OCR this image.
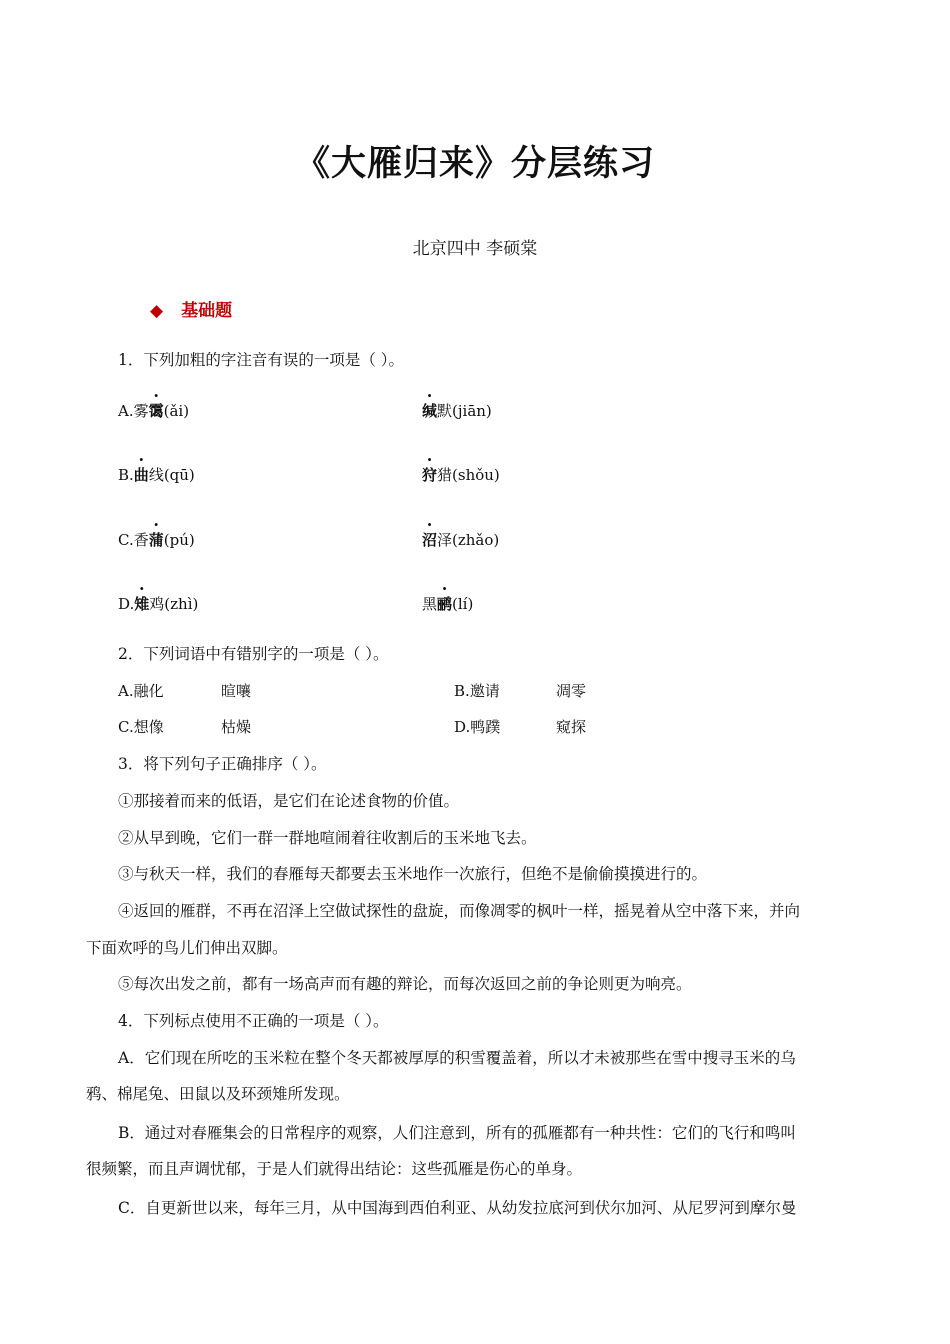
《大雁归来》分层练习
北京四中 李硕棠
◆ 基础题
1．下列加粗的字注音有误的一项是（ ）。
A.雾霭(ǎi)	缄默(jiān)
B.曲线(qū)	狩猎(shǒu)
C.香蒲(pú)	沼泽(zhǎo)
D.雉鸡(zhì)	黑鹂(lí)
2．下列词语中有错别字的一项是（ ）。
A.融化	暄嚷	B.邀请	凋零
C.想像	枯燥	D.鸭蹼	窥探
3．将下列句子正确排序（ ）。
①那接着而来的低语，是它们在论述食物的价值。
②从早到晚，它们一群一群地喧闹着往收割后的玉米地飞去。
③与秋天一样，我们的春雁每天都要去玉米地作一次旅行，但绝不是偷偷摸摸进行的。
④返回的雁群，不再在沼泽上空做试探性的盘旋，而像凋零的枫叶一样，摇晃着从空中落下来，并向
下面欢呼的鸟儿们伸出双脚。
⑤每次出发之前，都有一场高声而有趣的辩论，而每次返回之前的争论则更为响亮。
4．下列标点使用不正确的一项是（ ）。
A．它们现在所吃的玉米粒在整个冬天都被厚厚的积雪覆盖着，所以才未被那些在雪中搜寻玉米的乌
鸦、棉尾兔、田鼠以及环颈雉所发现。
B．通过对春雁集会的日常程序的观察，人们注意到，所有的孤雁都有一种共性：它们的飞行和鸣叫
很频繁，而且声调忧郁，于是人们就得出结论：这些孤雁是伤心的单身。
C．自更新世以来，每年三月，从中国海到西伯利亚、从幼发拉底河到伏尔加河、从尼罗河到摩尔曼
